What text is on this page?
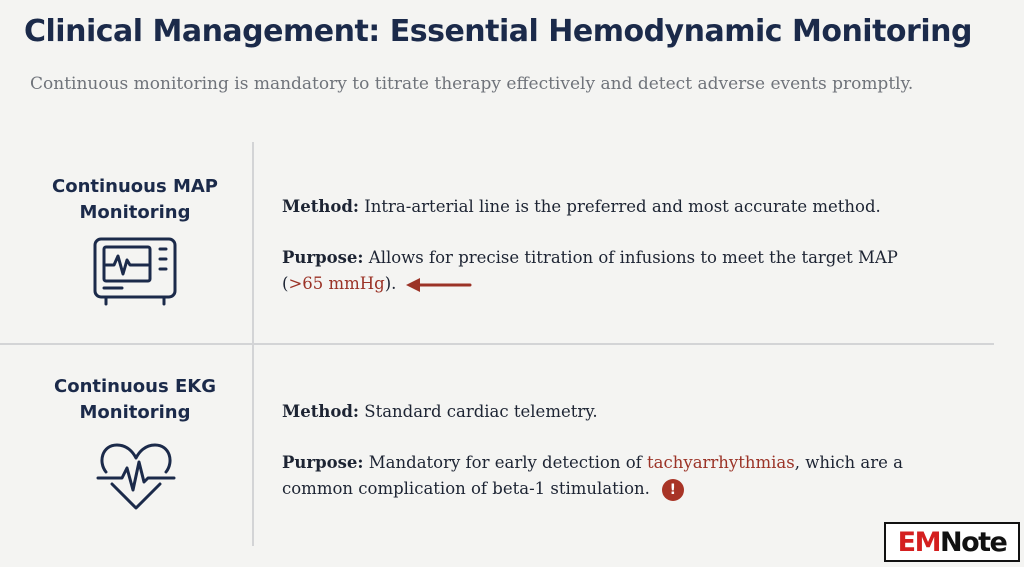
Clinical Management: Essential Hemodynamic Monitoring
Continuous monitoring is mandatory to titrate therapy effectively and detect adverse events promptly.
Continuous MAP
Monitoring	Method: Intra-arterial line is the preferred and most accurate method.
Purpose: Allows for precise titration of infusions to meet the target MAP
(>65 mmHg).
Continuous EKG
Monitoring	Method: Standard cardiac telemetry.
Purpose: Mandatory for early detection of tachyarrhythmias, which are a common complication of beta-1 stimulation. !
EM Note
